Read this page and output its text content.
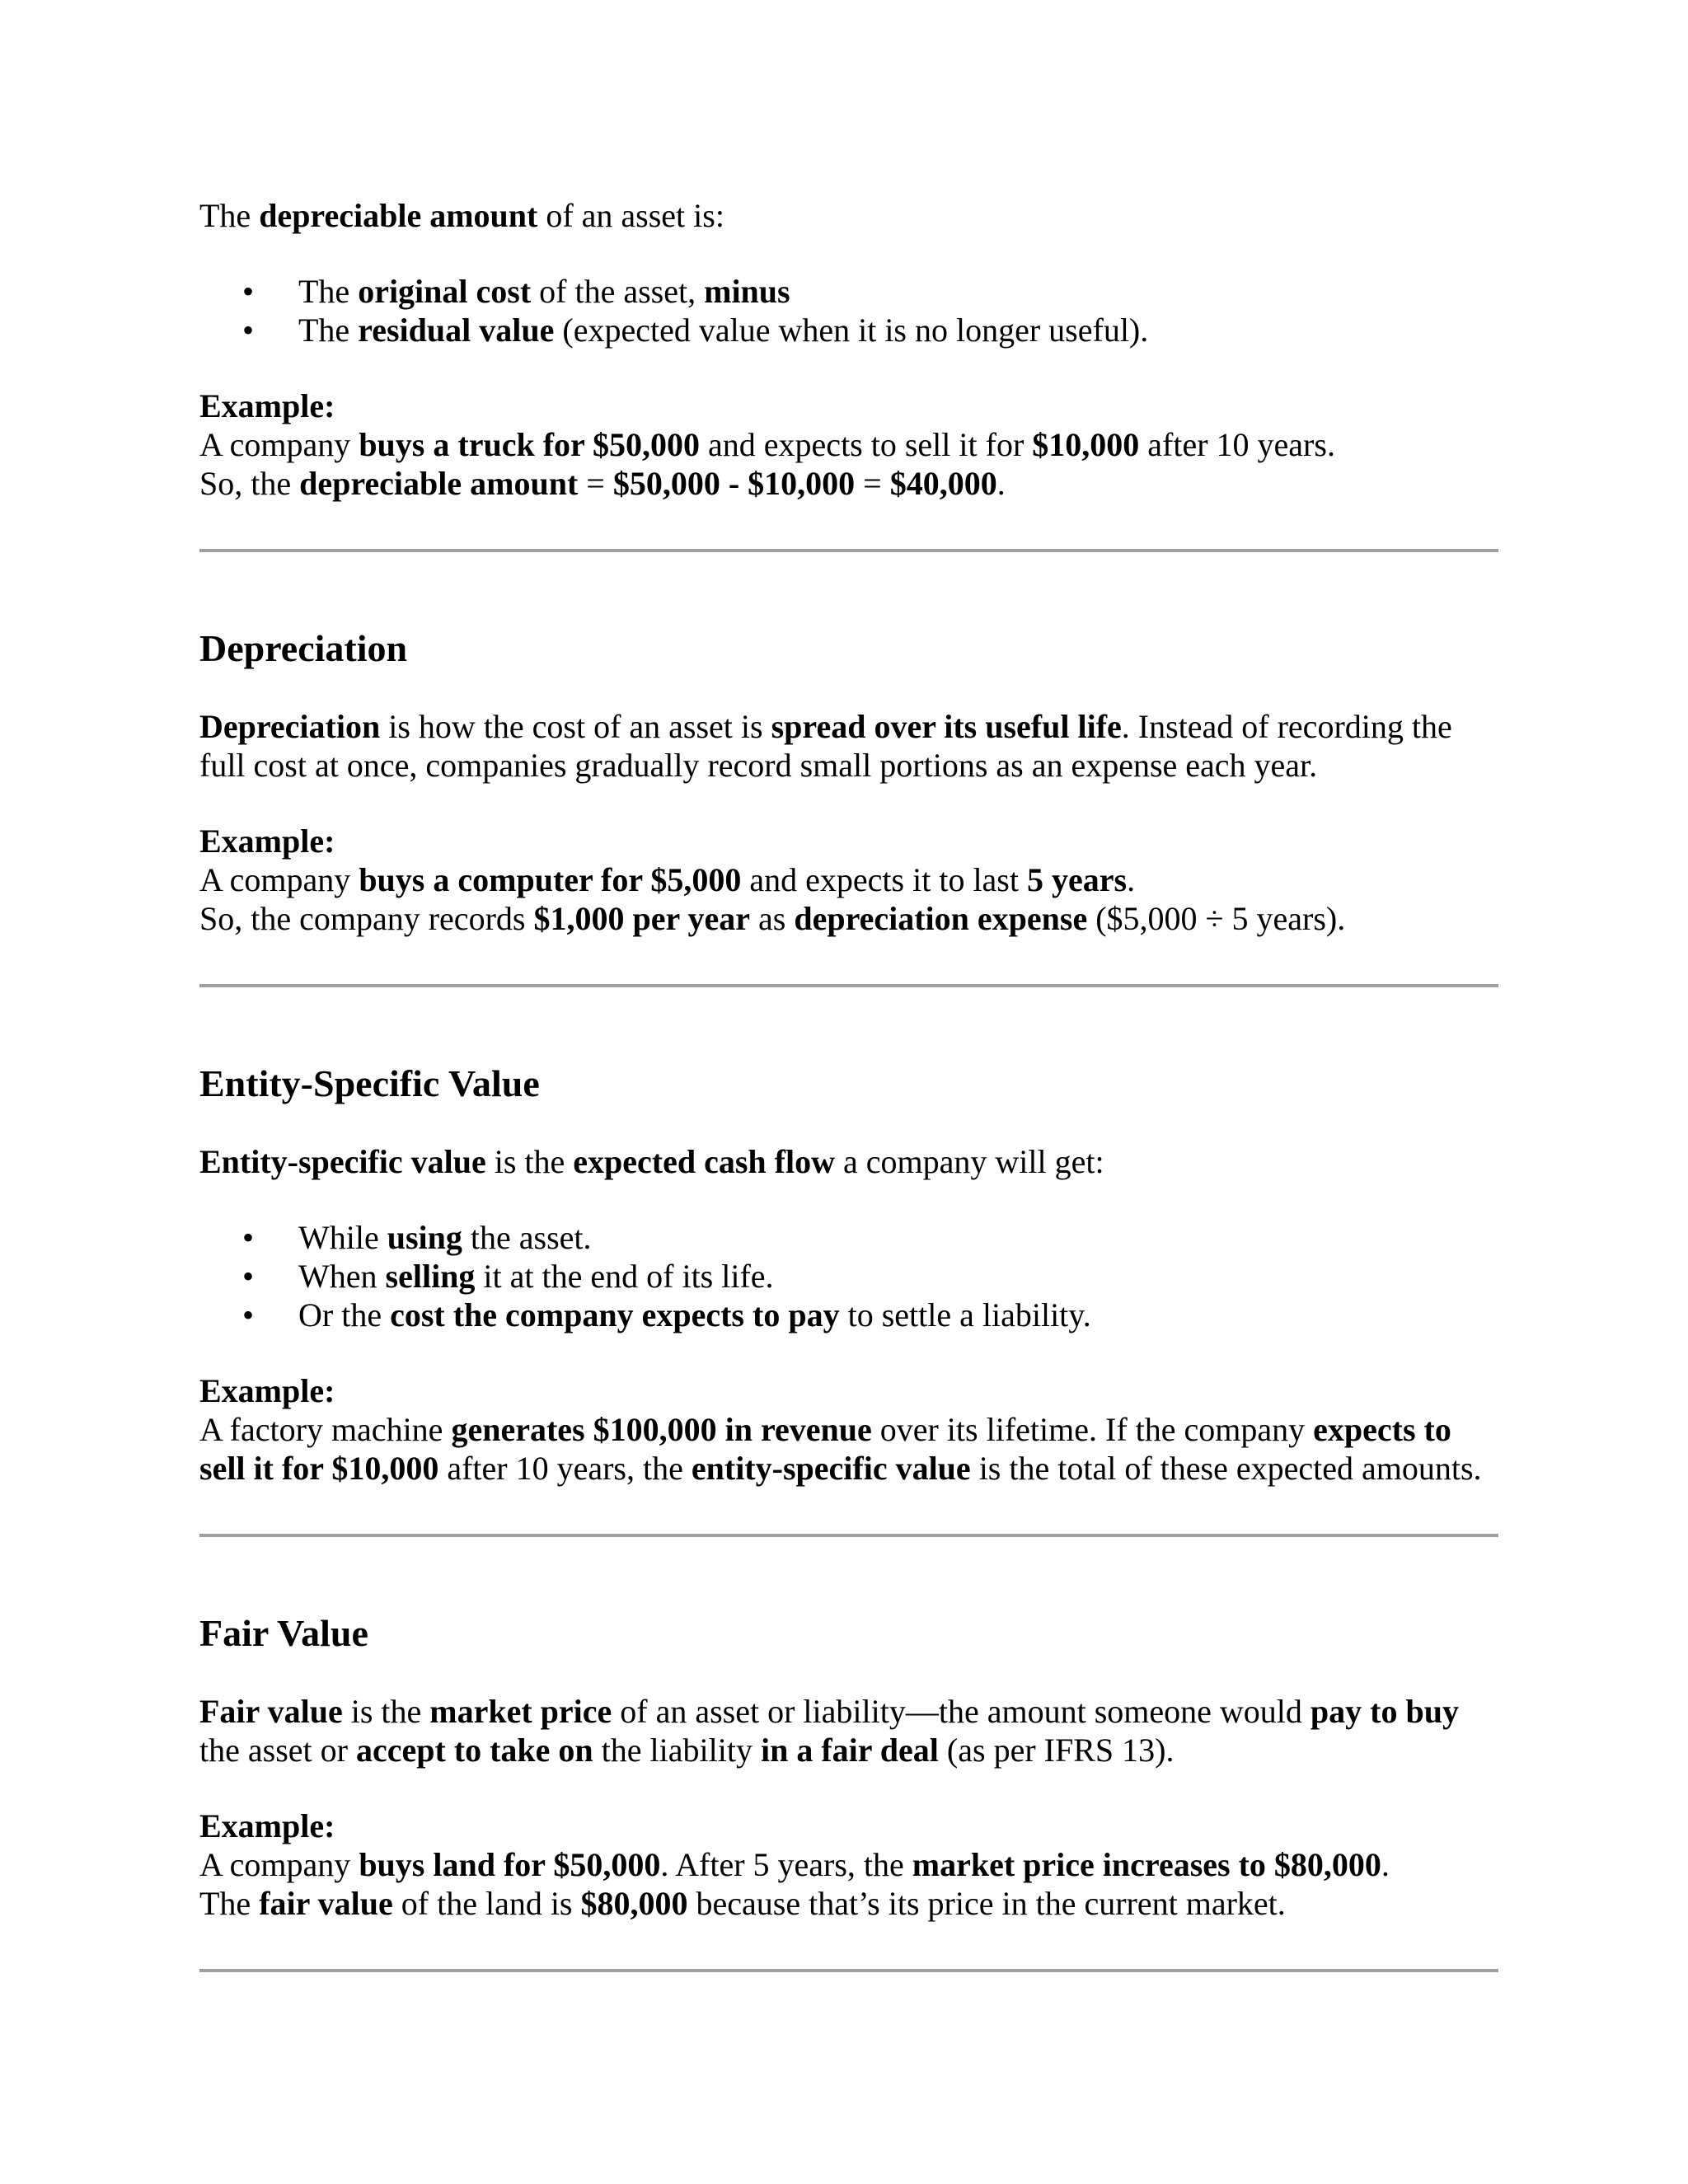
The depreciable amount of an asset is:

• The original cost of the asset, minus
• The residual value (expected value when it is no longer useful).

Example:

A company buys a truck for $50,000 and expects to sell it for $10,000 after 10 years.

So, the depreciable amount = $50,000 - $10,000 = $40,000.

Depreciation

Depreciation is how the cost of an asset is spread over its useful life. Instead of recording the

full cost at once, companies gradually record small portions as an expense each year.

Example:

A company buys a computer for $5,000 and expects it to last 5 years.

So, the company records $1,000 per year as depreciation expense ($5,000 ÷ 5 years).

Entity-Specific Value

Entity-specific value is the expected cash flow a company will get:

• While using the asset.
• When selling it at the end of its life.
• Or the cost the company expects to pay to settle a liability.

Example:

A factory machine generates $100,000 in revenue over its lifetime. If the company expects to

sell it for $10,000 after 10 years, the entity-specific value is the total of these expected amounts.

Fair Value

Fair value is the market price of an asset or liability—the amount someone would pay to buy

the asset or accept to take on the liability in a fair deal (as per IFRS 13).

Example:

A company buys land for $50,000. After 5 years, the market price increases to $80,000.

The fair value of the land is $80,000 because that’s its price in the current market.
